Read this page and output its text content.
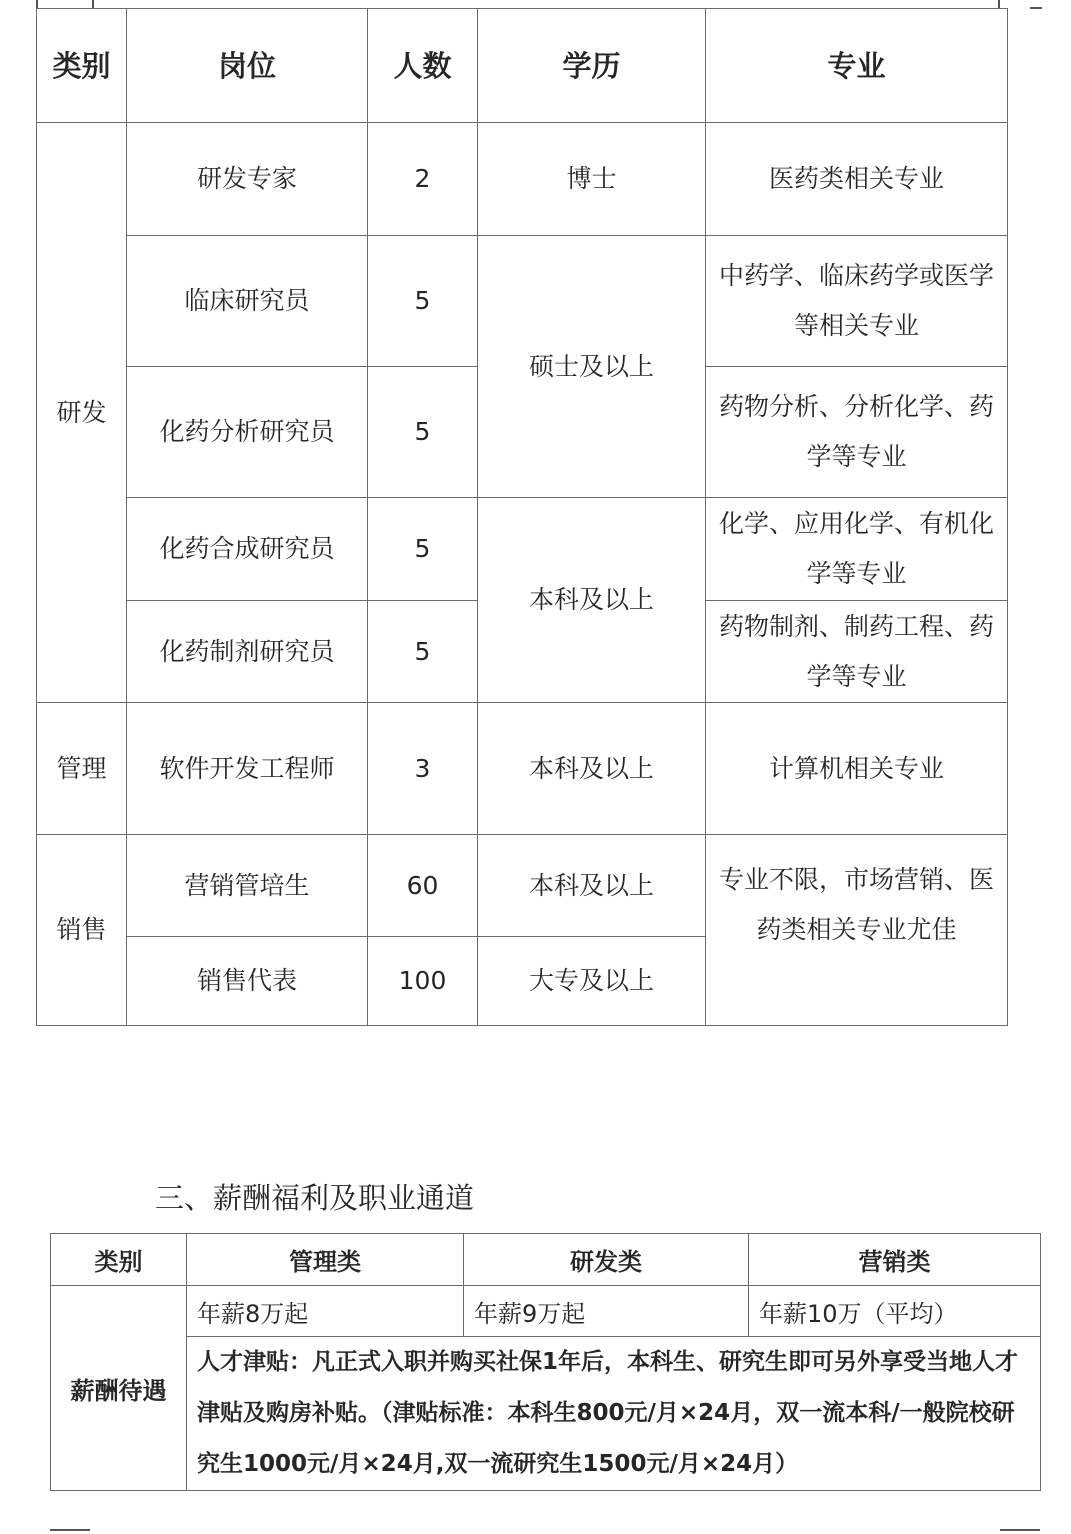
类别	岗位	人数	学历	专业
研发	研发专家	2	博士	医药类相关专业
	临床研究员	5	硕士及以上	中药学、临床药学或医学等相关专业
	化药分析研究员	5		药物分析、分析化学、药学等专业
	化药合成研究员	5	本科及以上	化学、应用化学、有机化学等专业
	化药制剂研究员	5		药物制剂、制药工程、药学等专业
管理	软件开发工程师	3	本科及以上	计算机相关专业
销售	营销管培生	60	本科及以上	专业不限，市场营销、医药类相关专业尤佳
	销售代表	100	大专及以上	
三、薪酬福利及职业通道
类别	管理类	研发类	营销类
薪酬待遇	年薪8万起	年薪9万起	年薪10万（平均）
	人才津贴：凡正式入职并购买社保1年后，本科生、研究生即可另外享受当地人才津贴及购房补贴。（津贴标准：本科生800元/月×24月，双一流本科/一般院校研究生1000元/月×24月,双一流研究生1500元/月×24月）		
